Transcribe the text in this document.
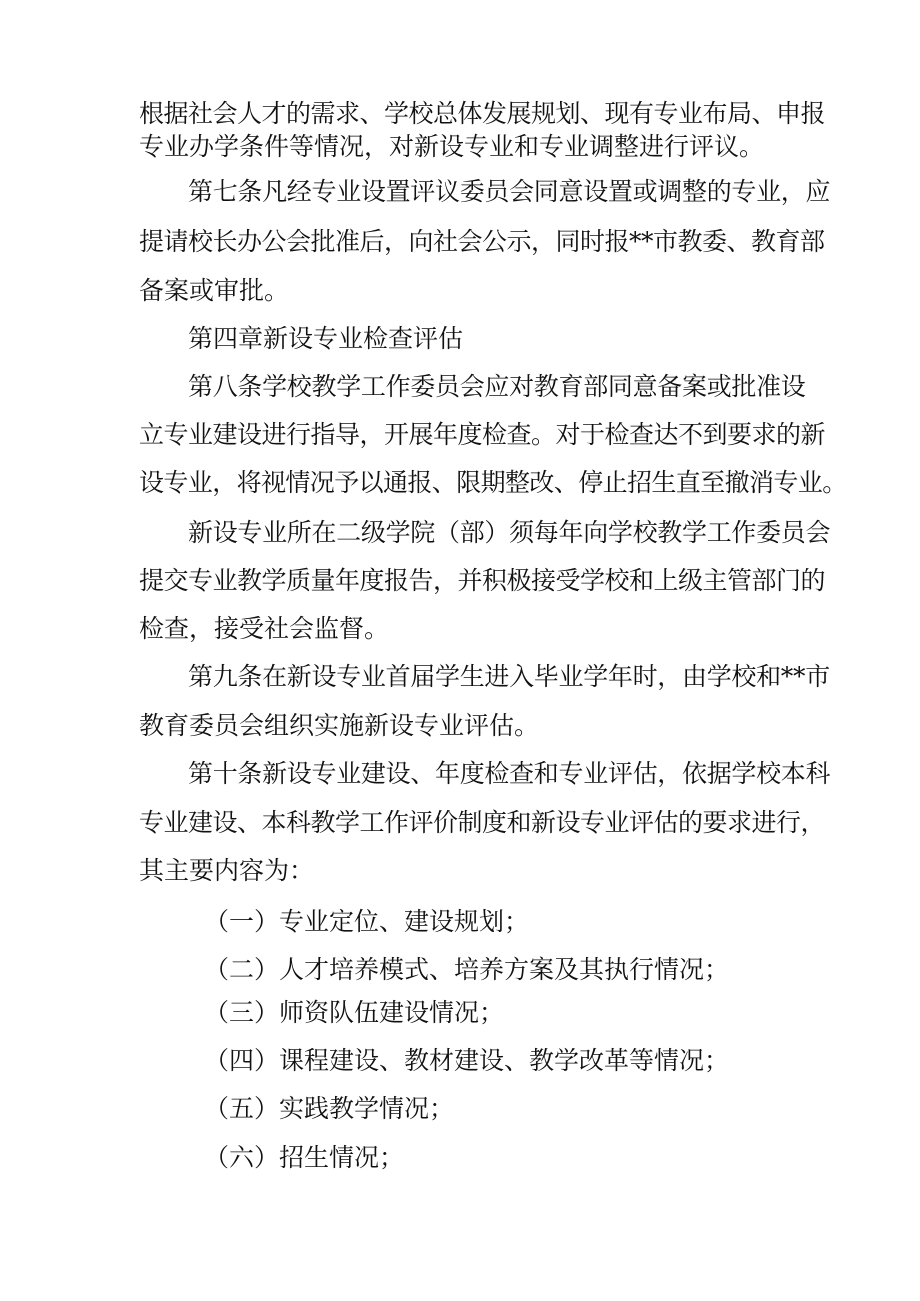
根据社会人才的需求、学校总体发展规划、现有专业布局、申报

专业办学条件等情况，对新设专业和专业调整进行评议。

第七条凡经专业设置评议委员会同意设置或调整的专业，应

提请校长办公会批准后，向社会公示，同时报**市教委、教育部

备案或审批。

第四章新设专业检查评估

第八条学校教学工作委员会应对教育部同意备案或批准设

立专业建设进行指导，开展年度检查。对于检查达不到要求的新

设专业，将视情况予以通报、限期整改、停止招生直至撤消专业。

新设专业所在二级学院（部）须每年向学校教学工作委员会

提交专业教学质量年度报告，并积极接受学校和上级主管部门的

检查，接受社会监督。

第九条在新设专业首届学生进入毕业学年时，由学校和**市

教育委员会组织实施新设专业评估。

第十条新设专业建设、年度检查和专业评估，依据学校本科

专业建设、本科教学工作评价制度和新设专业评估的要求进行，

其主要内容为：

（一）专业定位、建设规划；

（二）人才培养模式、培养方案及其执行情况；

（三）师资队伍建设情况；

（四）课程建设、教材建设、教学改革等情况；

（五）实践教学情况；

（六）招生情况；
